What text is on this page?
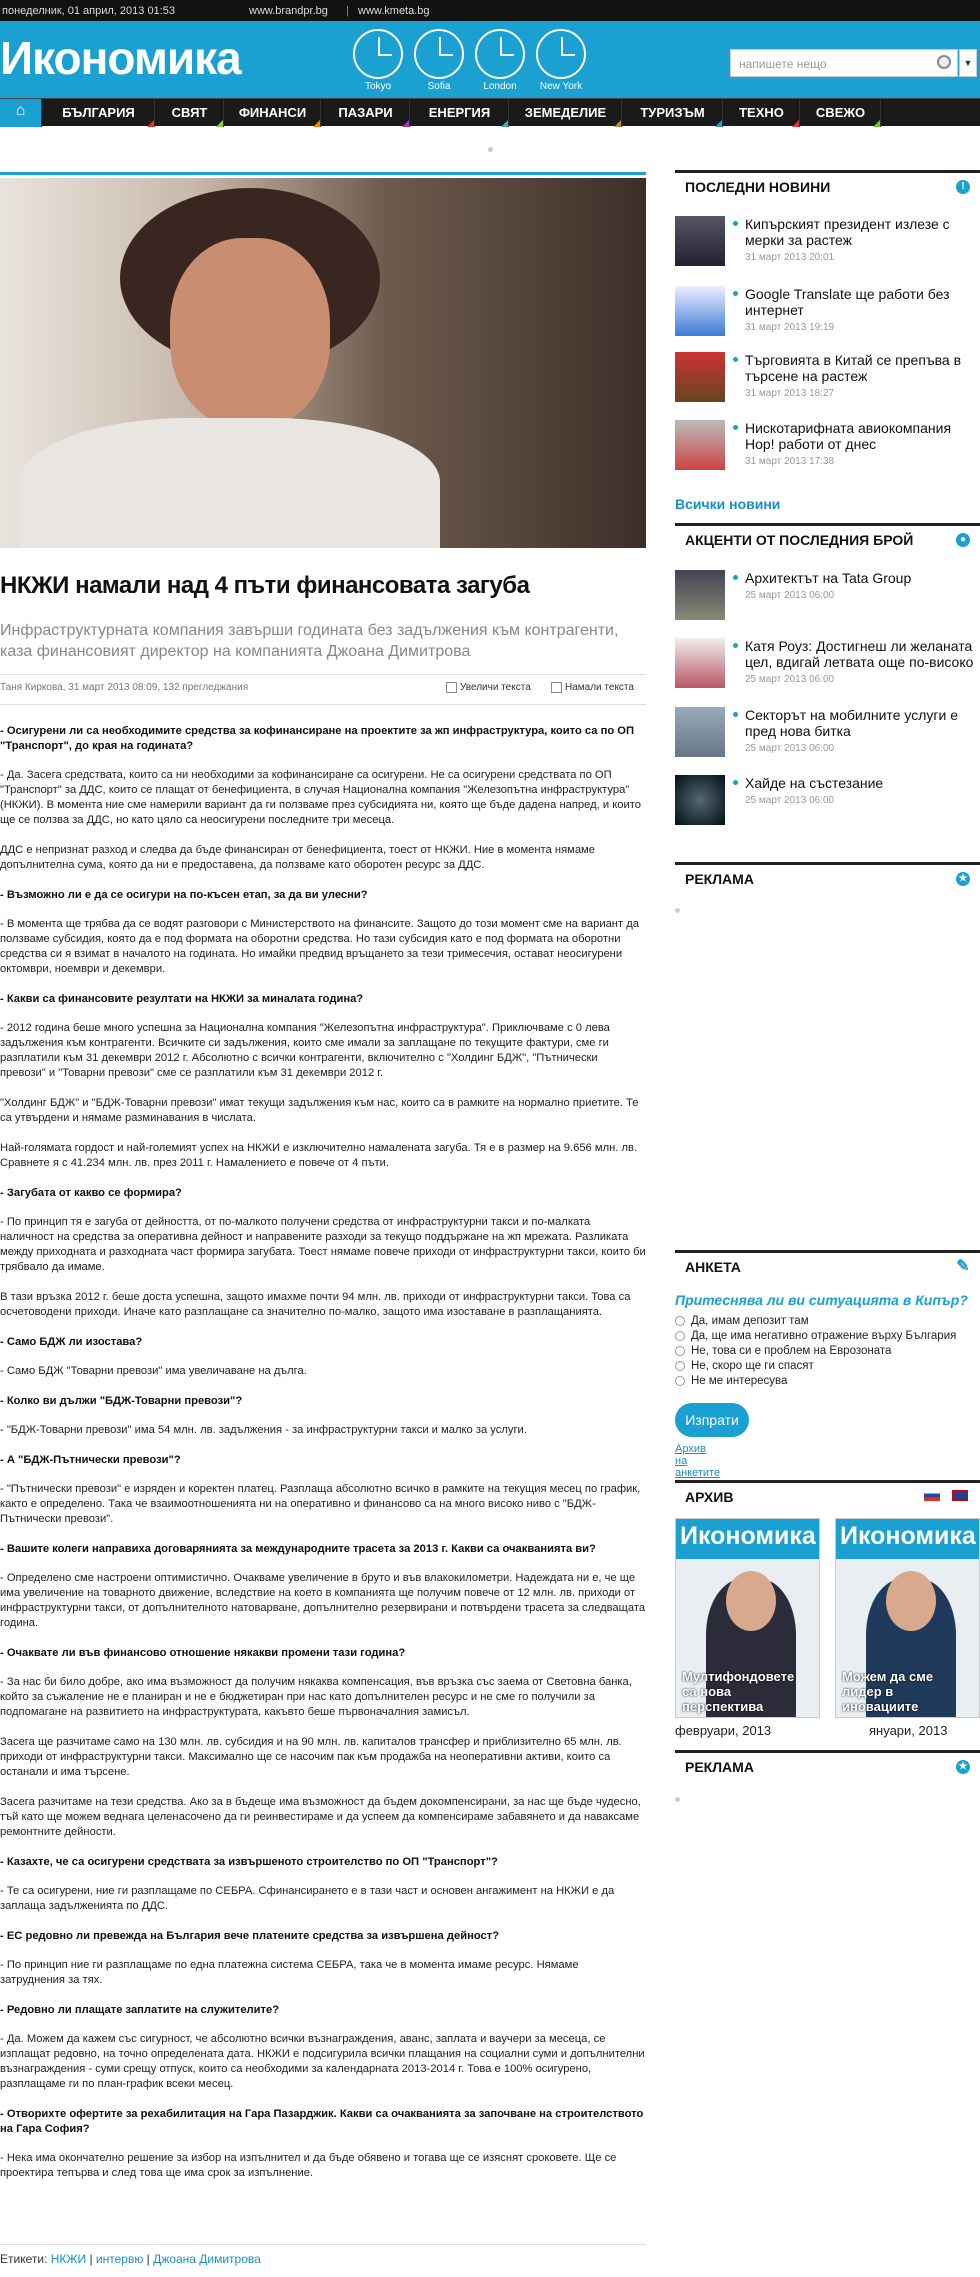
понеделник, 01 април, 2013 01:53	www.brandpr.bg | www.kmeta.bg
Икономика
Tokyo	Sofia	London	New York
напишете нещо	▼
⌂	БЪЛГАРИЯ	СВЯТ	ФИНАНСИ	ПАЗАРИ	ЕНЕРГИЯ	ЗЕМЕДЕЛИЕ	ТУРИЗЪМ	ТЕХНО	СВЕЖО
НКЖИ намали над 4 пъти финансовата загуба
Инфраструктурната компания завърши годината без задължения към контрагенти, каза финансовият директор на компанията Джоана Димитрова
Таня Киркова, 31 март 2013 08:09, 132 прегледжания	Увеличи текста	Намали текста

- Осигурени ли са необходимите средства за кофинансиране на проектите за жп инфраструктура, които са по ОП "Транспорт", до края на годината?

- Да. Засега средствата, които са ни необходими за кофинансиране са осигурени. Не са осигурени средствата по ОП "Транспорт" за ДДС, които се плащат от бенефициента, в случая Национална компания "Железопътна инфраструктура" (НКЖИ). В момента ние сме намерили вариант да ги ползваме през субсидията ни, която ще бъде дадена напред, и които ще се ползва за ДДС, но като цяло са неосигурени последните три месеца.

ДДС е непризнат разход и следва да бъде финансиран от бенефициента, тоест от НКЖИ. Ние в момента нямаме допълнителна сума, която да ни е предоставена, да ползваме като оборотен ресурс за ДДС.

- Възможно ли е да се осигури на по-късен етап, за да ви улесни?

- В момента ще трябва да се водят разговори с Министерството на финансите. Защото до този момент сме на вариант да ползваме субсидия, която да е под формата на оборотни средства. Но тази субсидия като е под формата на оборотни средства си я взимат в началото на годината. Но имайки предвид връщането за тези тримесечия, остават неосигурени октомври, ноември и декември.

- Какви са финансовите резултати на НКЖИ за миналата година?

- 2012 година беше много успешна за Национална компания "Железопътна инфраструктура". Приключваме с 0 лева задължения към контрагенти. Всичките си задължения, които сме имали за заплащане по текущите фактури, сме ги разплатили към 31 декември 2012 г. Абсолютно с всички контрагенти, включително с "Холдинг БДЖ", "Пътнически превози" и "Товарни превози" сме се разплатили към 31 декември 2012 г.

"Холдинг БДЖ" и "БДЖ-Товарни превози" имат текущи задължения към нас, които са в рамките на нормално приетите. Те са утвърдени и нямаме разминавания в числата.

Най-голямата гордост и най-големият успех на НКЖИ е изключително намалената загуба. Тя е в размер на 9.656 млн. лв. Сравнете я с 41.234 млн. лв. през 2011 г. Намалението е повече от 4 пъти.

- Загубата от какво се формира?

- По принцип тя е загуба от дейността, от по-малкото получени средства от инфраструктурни такси и по-малката наличност на средства за оперативна дейност и направените разходи за текущо поддържане на жп мрежата. Разликата между приходната и разходната част формира загубата. Тоест нямаме повече приходи от инфраструктурни такси, които би трябвало да имаме.

В тази връзка 2012 г. беше доста успешна, защото имахме почти 94 млн. лв. приходи от инфраструктурни такси. Това са осчетоводени приходи. Иначе като разплащане са значително по-малко, защото има изоставане в разплащанията.

- Само БДЖ ли изостава?

- Само БДЖ "Товарни превози" има увеличаване на дълга.

- Колко ви дължи "БДЖ-Товарни превози"?

- "БДЖ-Товарни превози" има 54 млн. лв. задължения - за инфраструктурни такси и малко за услуги.

- А "БДЖ-Пътнически превози"?

- "Пътнически превози" е изряден и коректен платец. Разплаща абсолютно всичко в рамките на текущия месец по график, както е определено. Така че взаимоотношенията ни на оперативно и финансово са на много високо ниво с "БДЖ-Пътнически превози".

- Вашите колеги направиха договарянията за международните трасета за 2013 г. Какви са очакванията ви?

- Определено сме настроени оптимистично. Очакваме увеличение в бруто и във влакокилометри. Надеждата ни е, че ще има увеличение на товарното движение, вследствие на което в компанията ще получим повече от 12 млн. лв. приходи от инфраструктурни такси, от допълнителното натоварване, допълнително резервирани и потвърдени трасета за следващата година.

- Очаквате ли във финансово отношение някакви промени тази година?

- За нас би било добре, ако има възможност да получим някаква компенсация, във връзка със заема от Световна банка, който за съжаление не е планиран и не е бюджетиран при нас като допълнителен ресурс и не сме го получили за подпомагане на развитието на инфраструктурата, какъвто беше първоначалния замисъл.

Засега ще разчитаме само на 130 млн. лв. субсидия и на 90 млн. лв. капиталов трансфер и приблизително 65 млн. лв. приходи от инфраструктурни такси. Максимално ще се насочим пак към продажба на неоперативни активи, които са останали и има търсене.

Засега разчитаме на тези средства. Ако за в бъдеще има възможност да бъдем докомпенсирани, за нас ще бъде чудесно, тъй като ще можем веднага целенасочено да ги реинвестираме и да успеем да компенсираме забавянето и да наваксаме ремонтните дейности.

- Казахте, че са осигурени средствата за извършеното строителство по ОП "Транспорт"?

- Те са осигурени, ние ги разплащаме по СЕБРА. Сфинансирането е в тази част и основен ангажимент на НКЖИ е да заплаща задълженията по ДДС.

- ЕС редовно ли превежда на България вече платените средства за извършена дейност?

- По принцип ние ги разплащаме по една платежна система СЕБРА, така че в момента имаме ресурс. Нямаме затруднения за тях.

- Редовно ли плащате заплатите на служителите?

- Да. Можем да кажем със сигурност, че абсолютно всички възнаграждения, аванс, заплата и ваучери за месеца, се изплащат редовно, на точно определената дата. НКЖИ е подсигурила всички плащания на социални суми и допълнителни възнаграждения - суми срещу отпуск, които са необходими за календарната 2013-2014 г. Това е 100% осигурено, разплащаме ги по план-график всеки месец.

- Отворихте офертите за рехабилитация на Гара Пазарджик. Какви са очакванията за започване на строителството на Гара София?

- Нека има окончателно решение за избор на изпълнител и да бъде обявено и тогава ще се изяснят сроковете. Ще се проектира тепърва и след това ще има срок за изпълнение.

Етикети: НКЖИ | интервю | Джоана Димитрова
ПОСЛЕДНИ НОВИНИ	!
Кипърският президент излезе с мерки за растеж
31 март 2013 20:01
Google Translate ще работи без интернет
31 март 2013 19:19
Търговията в Китай се препъва в търсене на растеж
31 март 2013 18:27
Нискотарифната авиокомпания Нор! работи от днес
31 март 2013 17:38
Всички новини
АКЦЕНТИ ОТ ПОСЛЕДНИЯ БРОЙ	●
Архитектът на Tata Group
25 март 2013 06:00
Катя Роуз: Достигнеш ли желаната цел, вдигай летвата още по-високо
25 март 2013 06:00
Секторът на мобилните услуги е пред нова битка
25 март 2013 06:00
Хайде на състезание
25 март 2013 06:00
РЕКЛАМА	★
АНКЕТА	✎
Притеснява ли ви ситуацията в Кипър?
Да, имам депозит там
Да, ще има негативно отражение върху България
Не, това си е проблем на Еврозоната
Не, скоро ще ги спасят
Не ме интересува
Изпрати
Архив на анкетите
АРХИВ
Икономика
Мултифондовете са нова перспектива
Икономика
Можем да сме лидер в иновациите
февруари, 2013	януари, 2013
РЕКЛАМА	★
